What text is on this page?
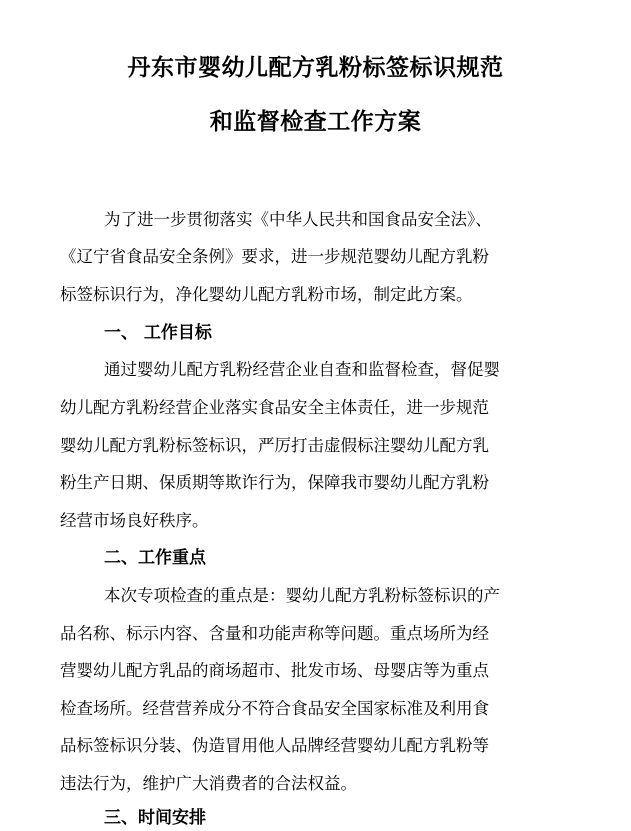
丹东市婴幼儿配方乳粉标签标识规范
和监督检查工作方案
为了进一步贯彻落实《中华人民共和国食品安全法》、
《辽宁省食品安全条例》要求，进一步规范婴幼儿配方乳粉
标签标识行为，净化婴幼儿配方乳粉市场，制定此方案。
一、 工作目标
通过婴幼儿配方乳粉经营企业自查和监督检查，督促婴
幼儿配方乳粉经营企业落实食品安全主体责任，进一步规范
婴幼儿配方乳粉标签标识，严厉打击虚假标注婴幼儿配方乳
粉生产日期、保质期等欺诈行为，保障我市婴幼儿配方乳粉
经营市场良好秩序。
二、工作重点
本次专项检查的重点是：婴幼儿配方乳粉标签标识的产
品名称、标示内容、含量和功能声称等问题。重点场所为经
营婴幼儿配方乳品的商场超市、批发市场、母婴店等为重点
检查场所。经营营养成分不符合食品安全国家标准及利用食
品标签标识分装、伪造冒用他人品牌经营婴幼儿配方乳粉等
违法行为，维护广大消费者的合法权益。
三、时间安排
